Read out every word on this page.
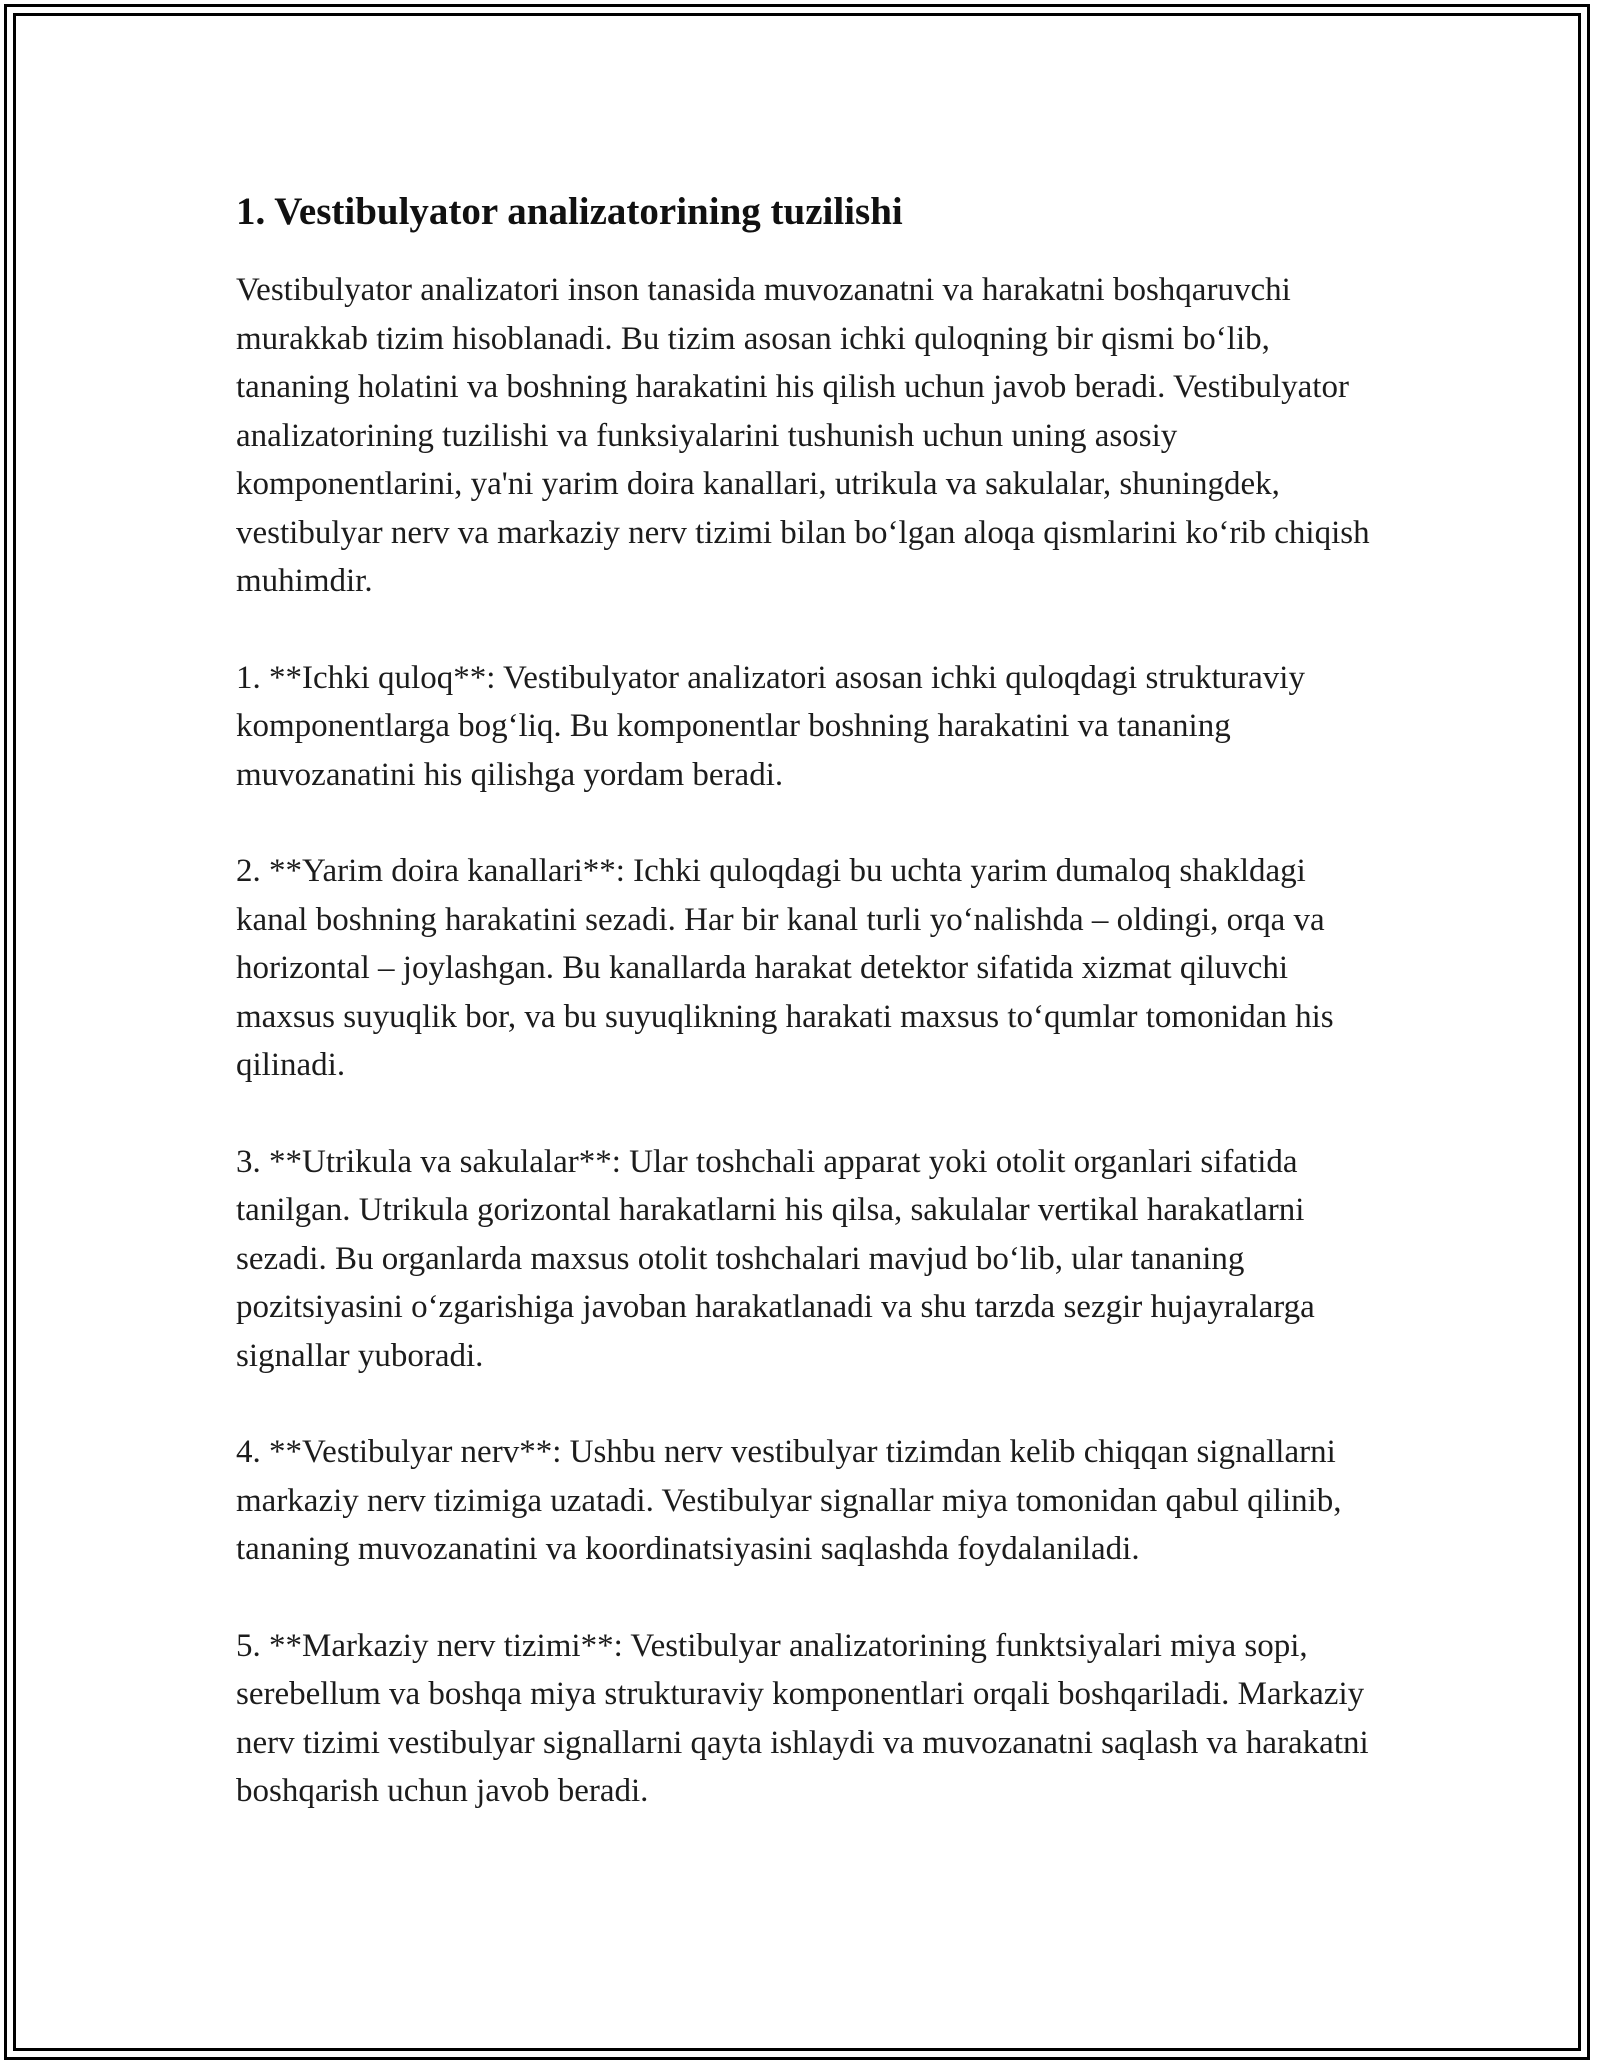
1. Vestibulyator analizatorining tuzilishi

Vestibulyator analizatori inson tanasida muvozanatni va harakatni boshqaruvchi murakkab tizim hisoblanadi. Bu tizim asosan ichki quloqning bir qismi bo‘lib, tananing holatini va boshning harakatini his qilish uchun javob beradi. Vestibulyator analizatorining tuzilishi va funksiyalarini tushunish uchun uning asosiy komponentlarini, ya'ni yarim doira kanallari, utrikula va sakulalar, shuningdek, vestibulyar nerv va markaziy nerv tizimi bilan bo‘lgan aloqa qismlarini ko‘rib chiqish muhimdir.

1. **Ichki quloq**: Vestibulyator analizatori asosan ichki quloqdagi strukturaviy komponentlarga bog‘liq. Bu komponentlar boshning harakatini va tananing muvozanatini his qilishga yordam beradi.

2. **Yarim doira kanallari**: Ichki quloqdagi bu uchta yarim dumaloq shakldagi kanal boshning harakatini sezadi. Har bir kanal turli yo‘nalishda – oldingi, orqa va horizontal – joylashgan. Bu kanallarda harakat detektor sifatida xizmat qiluvchi maxsus suyuqlik bor, va bu suyuqlikning harakati maxsus to‘qumlar tomonidan his qilinadi.

3. **Utrikula va sakulalar**: Ular toshchali apparat yoki otolit organlari sifatida tanilgan. Utrikula gorizontal harakatlarni his qilsa, sakulalar vertikal harakatlarni sezadi. Bu organlarda maxsus otolit toshchalari mavjud bo‘lib, ular tananing pozitsiyasini o‘zgarishiga javoban harakatlanadi va shu tarzda sezgir hujayralarga signallar yuboradi.

4. **Vestibulyar nerv**: Ushbu nerv vestibulyar tizimdan kelib chiqqan signallarni markaziy nerv tizimiga uzatadi. Vestibulyar signallar miya tomonidan qabul qilinib, tananing muvozanatini va koordinatsiyasini saqlashda foydalaniladi.

5. **Markaziy nerv tizimi**: Vestibulyar analizatorining funktsiyalari miya sopi, serebellum va boshqa miya strukturaviy komponentlari orqali boshqariladi. Markaziy nerv tizimi vestibulyar signallarni qayta ishlaydi va muvozanatni saqlash va harakatni boshqarish uchun javob beradi.
